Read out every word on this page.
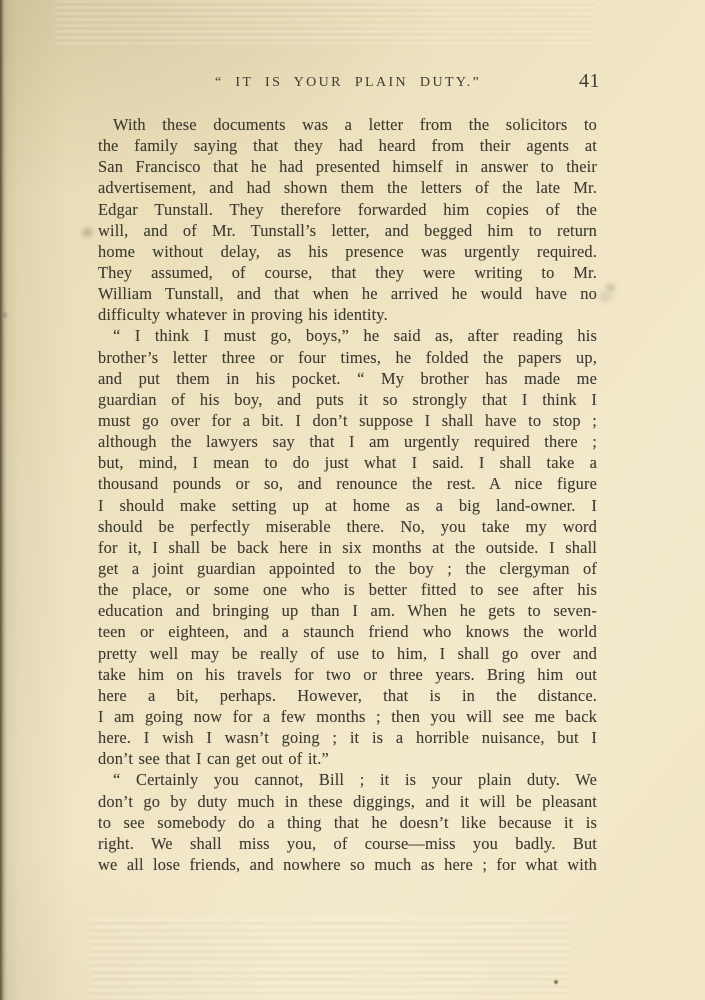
“ IT IS YOUR PLAIN DUTY.”	41
With these documents was a letter from the solicitors to
the family saying that they had heard from their agents at
San Francisco that he had presented himself in answer to their
advertisement, and had shown them the letters of the late Mr.
Edgar Tunstall. They therefore forwarded him copies of the
will, and of Mr. Tunstall’s letter, and begged him to return
home without delay, as his presence was urgently required.
They assumed, of course, that they were writing to Mr.
William Tunstall, and that when he arrived he would have no
difficulty whatever in proving his identity.
“ I think I must go, boys,” he said as, after reading his
brother’s letter three or four times, he folded the papers up,
and put them in his pocket. “ My brother has made me
guardian of his boy, and puts it so strongly that I think I
must go over for a bit. I don’t suppose I shall have to stop ;
although the lawyers say that I am urgently required there ;
but, mind, I mean to do just what I said. I shall take a
thousand pounds or so, and renounce the rest. A nice figure
I should make setting up at home as a big land-owner. I
should be perfectly miserable there. No, you take my word
for it, I shall be back here in six months at the outside. I shall
get a joint guardian appointed to the boy ; the clergyman of
the place, or some one who is better fitted to see after his
education and bringing up than I am. When he gets to seven-
teen or eighteen, and a staunch friend who knows the world
pretty well may be really of use to him, I shall go over and
take him on his travels for two or three years. Bring him out
here a bit, perhaps. However, that is in the distance.
I am going now for a few months ; then you will see me back
here. I wish I wasn’t going ; it is a horrible nuisance, but I
don’t see that I can get out of it.”
“ Certainly you cannot, Bill ; it is your plain duty. We
don’t go by duty much in these diggings, and it will be pleasant
to see somebody do a thing that he doesn’t like because it is
right. We shall miss you, of course—miss you badly. But
we all lose friends, and nowhere so much as here ; for what with
